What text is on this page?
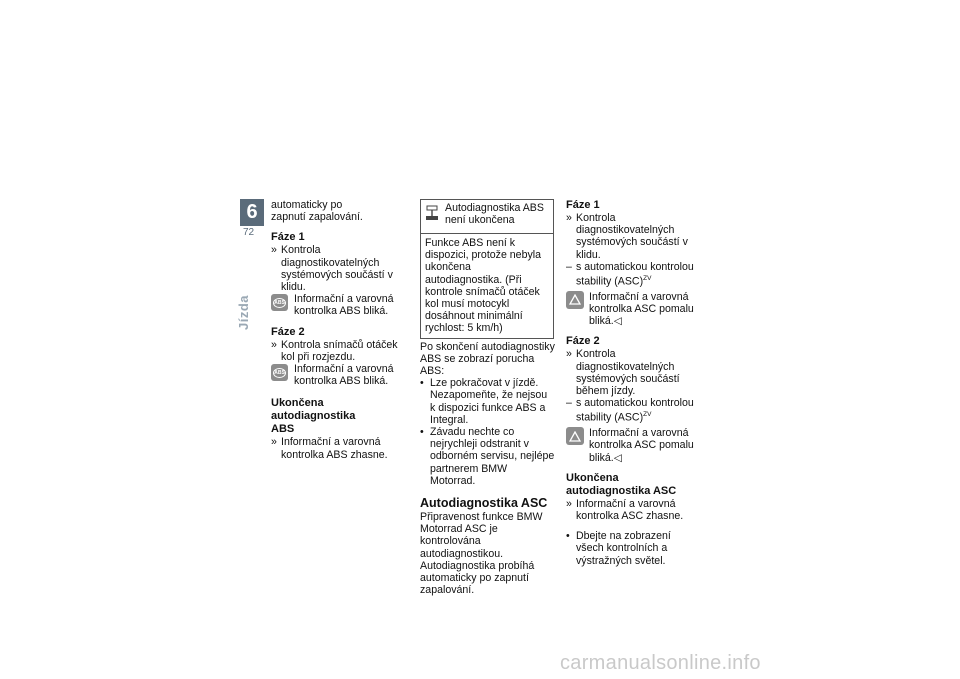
6
72
Jízda
automaticky po zapnutí zapalování.
Fáze 1
» Kontrola diagnostikovatelných systémových součástí v klidu.
ABS Informační a varovná kontrolka ABS bliká.
Fáze 2
» Kontrola snímačů otáček kol při rozjezdu.
ABS Informační a varovná kontrolka ABS bliká.
Ukončena autodiagnostika ABS
» Informační a varovná kontrolka ABS zhasne.
Autodiagnostika ABS není ukončena
Funkce ABS není k dispozici, protože nebyla ukončena autodiagnostika. (Při kontrole snímačů otáček kol musí motocykl dosáhnout minimální rychlost: 5 km/h)
Po skončení autodiagnostiky ABS se zobrazí porucha ABS:
• Lze pokračovat v jízdě. Nezapomeňte, že nejsou k dispozici funkce ABS a Integral.
• Závadu nechte co nejrychleji odstranit v odborném servisu, nejlépe partnerem BMW Motorrad.
Autodiagnostika ASC
Připravenost funkce BMW Motorrad ASC je kontrolována autodiagnostikou. Autodiagnostika probíhá automaticky po zapnutí zapalování.
Fáze 1
» Kontrola diagnostikovatelných systémových součástí v klidu.
– s automatickou kontrolou stability (ASC)$^{ZV}$
Informační a varovná kontrolka ASC pomalu bliká.◁
Fáze 2
» Kontrola diagnostikovatelných systémových součástí během jízdy.
– s automatickou kontrolou stability (ASC)$^{ZV}$
Informační a varovná kontrolka ASC pomalu bliká.◁
Ukončena autodiagnostika ASC
» Informační a varovná kontrolka ASC zhasne.
• Dbejte na zobrazení všech kontrolních a výstražných světel.
carmanualsonline.info
